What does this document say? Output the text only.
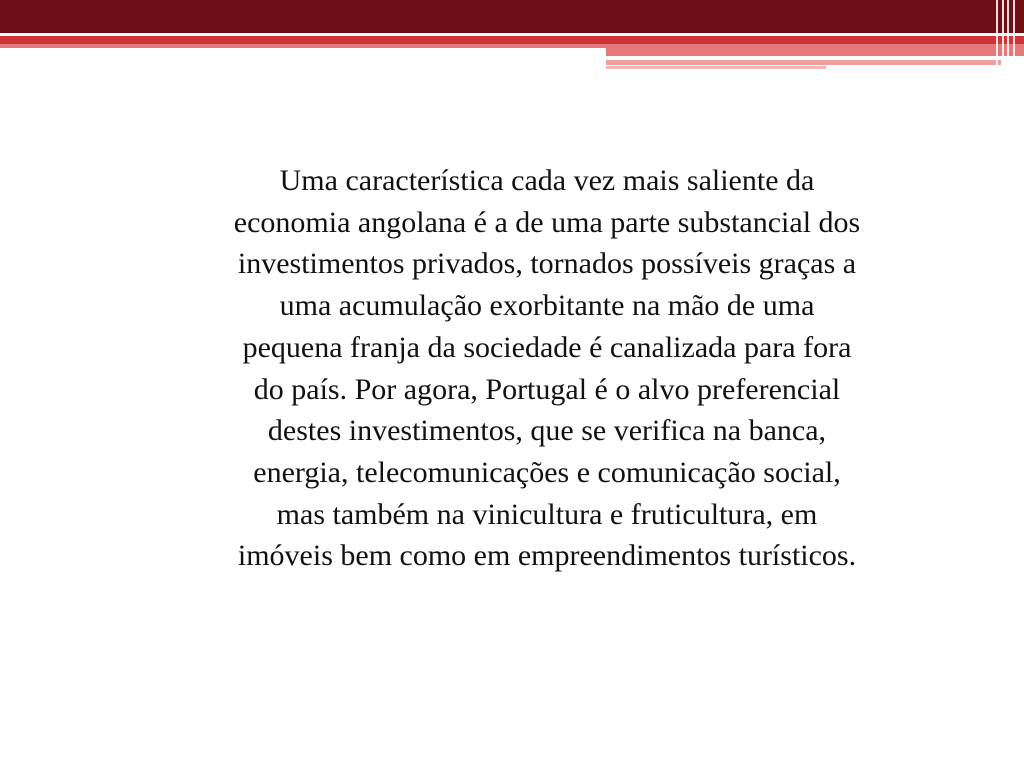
Uma característica cada vez mais saliente da
economia angolana é a de uma parte substancial dos
investimentos privados, tornados possíveis graças a
uma acumulação exorbitante na mão de uma
pequena franja da sociedade é canalizada para fora
do país. Por agora, Portugal é o alvo preferencial
destes investimentos, que se verifica na banca,
energia, telecomunicações e comunicação social,
mas também na vinicultura e fruticultura, em
imóveis bem como em empreendimentos turísticos.
